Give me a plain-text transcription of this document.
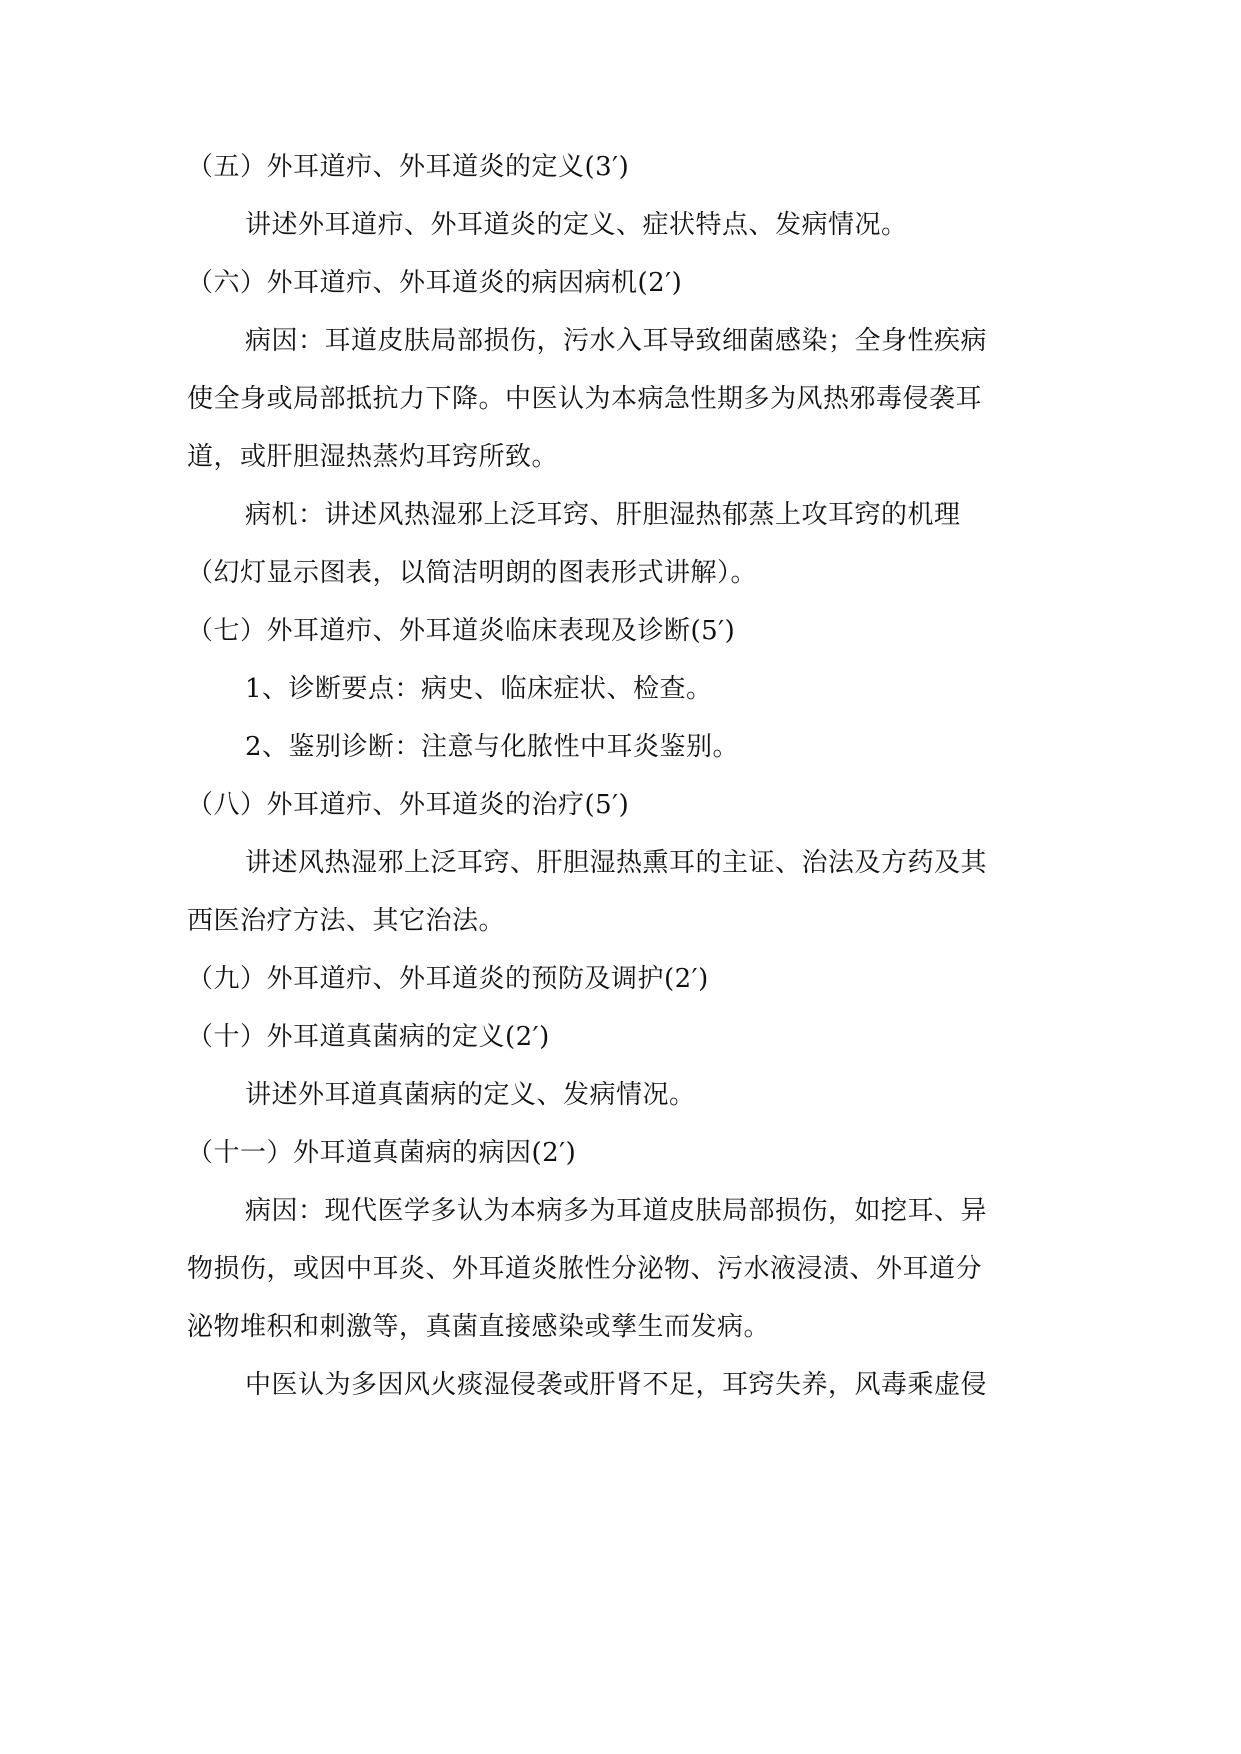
（五）外耳道疖、外耳道炎的定义(3′)
讲述外耳道疖、外耳道炎的定义、症状特点、发病情况。
（六）外耳道疖、外耳道炎的病因病机(2′)
病因：耳道皮肤局部损伤，污水入耳导致细菌感染；全身性疾病
使全身或局部抵抗力下降。中医认为本病急性期多为风热邪毒侵袭耳
道，或肝胆湿热蒸灼耳窍所致。
病机：讲述风热湿邪上泛耳窍、肝胆湿热郁蒸上攻耳窍的机理
（幻灯显示图表，以简洁明朗的图表形式讲解）。
（七）外耳道疖、外耳道炎临床表现及诊断(5′)
1、诊断要点：病史、临床症状、检查。
2、鉴别诊断：注意与化脓性中耳炎鉴别。
（八）外耳道疖、外耳道炎的治疗(5′)
讲述风热湿邪上泛耳窍、肝胆湿热熏耳的主证、治法及方药及其
西医治疗方法、其它治法。
（九）外耳道疖、外耳道炎的预防及调护(2′)
（十）外耳道真菌病的定义(2′)
讲述外耳道真菌病的定义、发病情况。
（十一）外耳道真菌病的病因(2′)
病因：现代医学多认为本病多为耳道皮肤局部损伤，如挖耳、异
物损伤，或因中耳炎、外耳道炎脓性分泌物、污水液浸渍、外耳道分
泌物堆积和刺激等，真菌直接感染或孳生而发病。
中医认为多因风火痰湿侵袭或肝肾不足，耳窍失养，风毒乘虚侵
